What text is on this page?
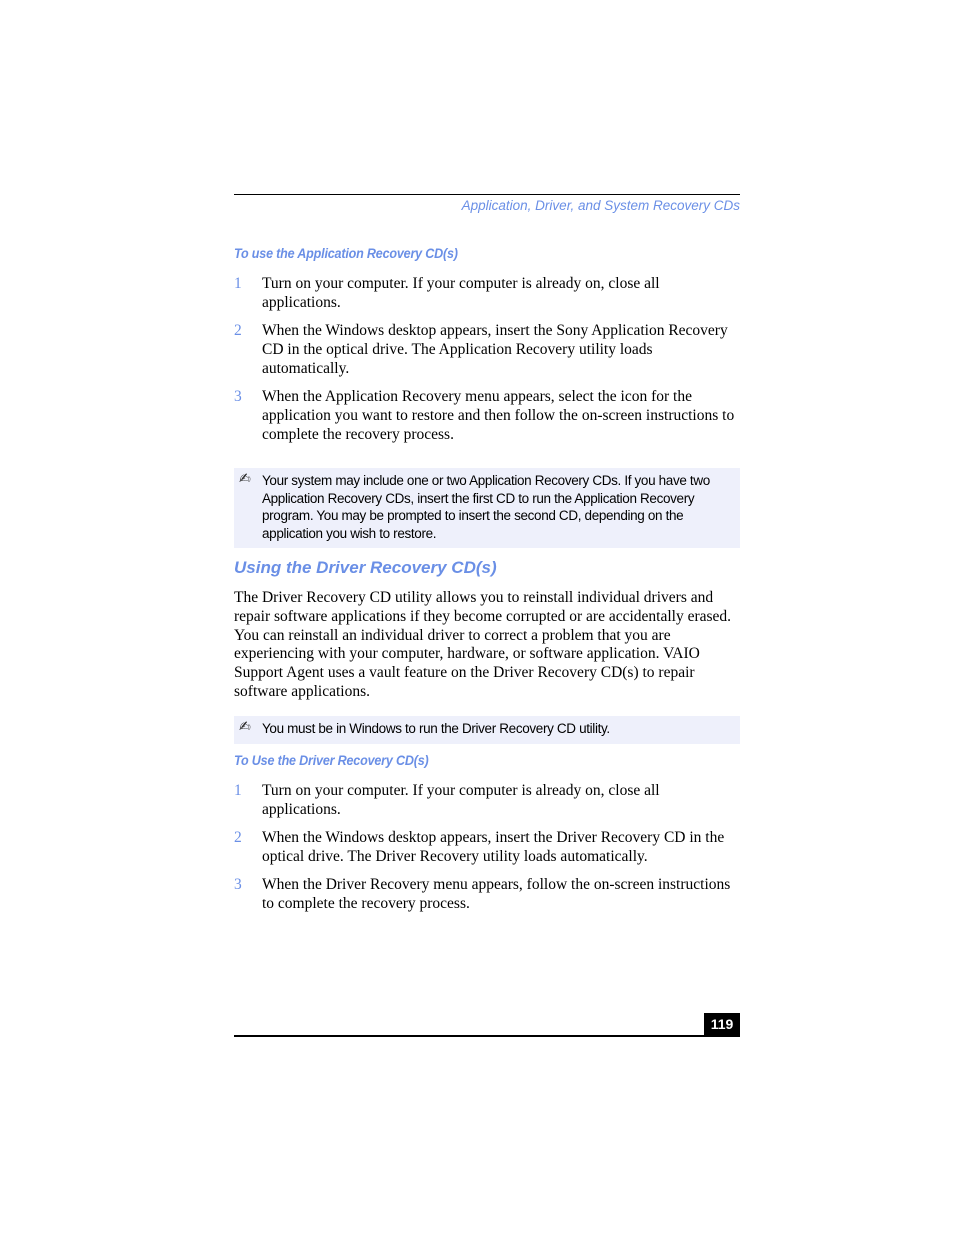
Application, Driver, and System Recovery CDs
To use the Application Recovery CD(s)
1	Turn on your computer. If your computer is already on, close all applications.
2	When the Windows desktop appears, insert the Sony Application Recovery CD in the optical drive. The Application Recovery utility loads automatically.
3	When the Application Recovery menu appears, select the icon for the application you want to restore and then follow the on-screen instructions to complete the recovery process.
✍ Your system may include one or two Application Recovery CDs. If you have two Application Recovery CDs, insert the first CD to run the Application Recovery program. You may be prompted to insert the second CD, depending on the application you wish to restore.
Using the Driver Recovery CD(s)
The Driver Recovery CD utility allows you to reinstall individual drivers and repair software applications if they become corrupted or are accidentally erased. You can reinstall an individual driver to correct a problem that you are experiencing with your computer, hardware, or software application. VAIO Support Agent uses a vault feature on the Driver Recovery CD(s) to repair software applications.
✍ You must be in Windows to run the Driver Recovery CD utility.
To Use the Driver Recovery CD(s)
1	Turn on your computer. If your computer is already on, close all applications.
2	When the Windows desktop appears, insert the Driver Recovery CD in the optical drive. The Driver Recovery utility loads automatically.
3	When the Driver Recovery menu appears, follow the on-screen instructions to complete the recovery process.
119
